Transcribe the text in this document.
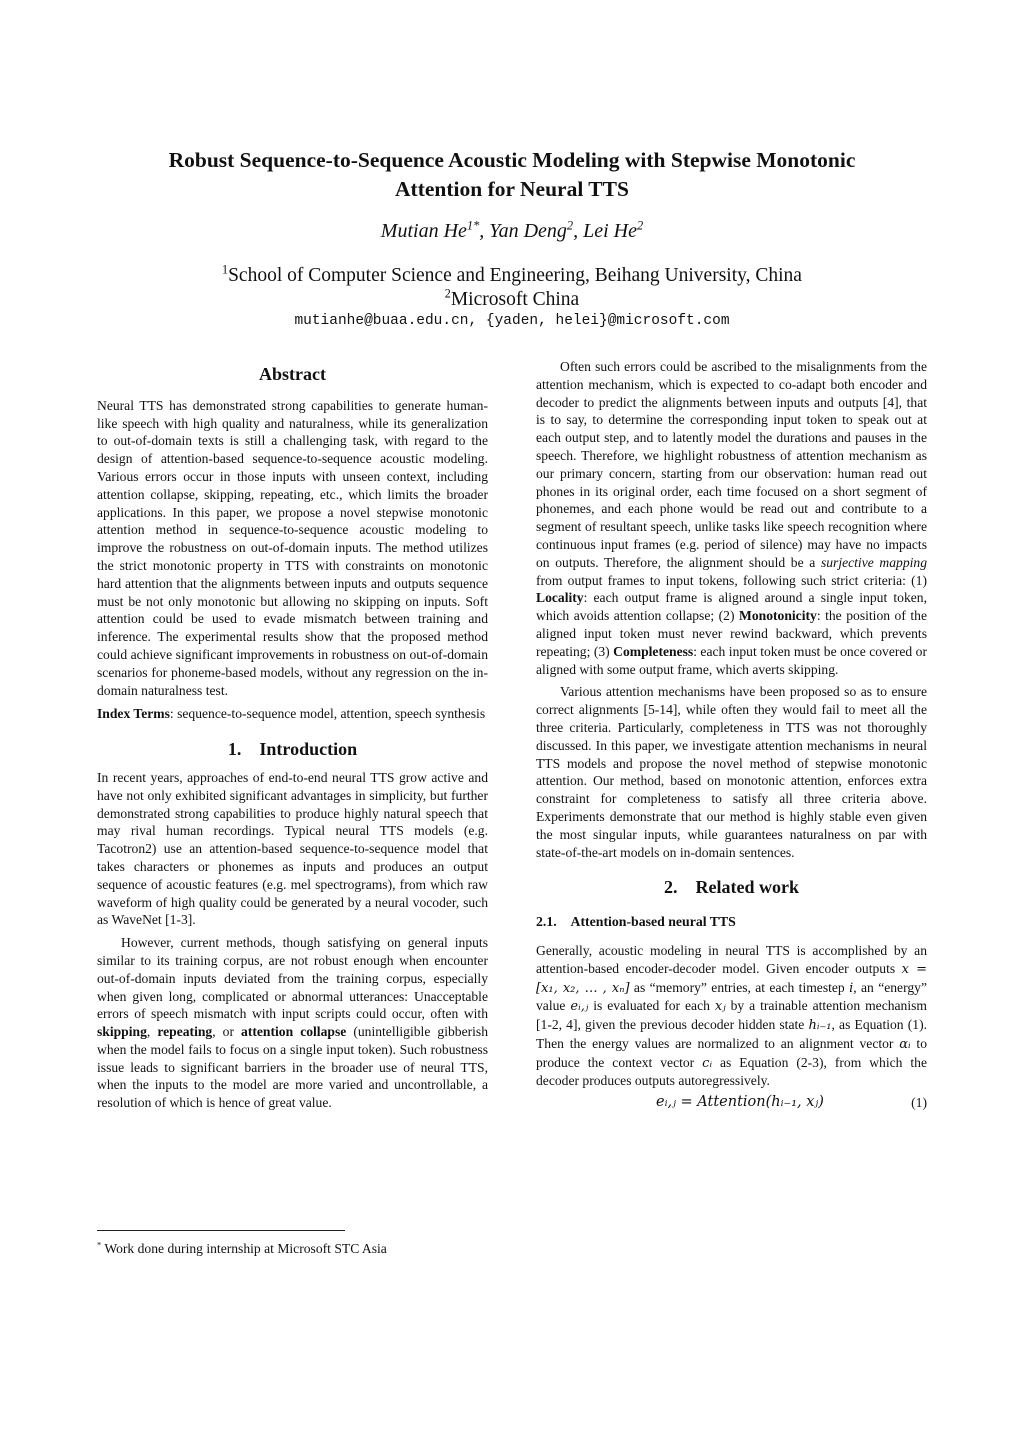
Robust Sequence-to-Sequence Acoustic Modeling with Stepwise Monotonic
Attention for Neural TTS
Mutian $He^{1*}$, Yan Deng$^2$, Lei He$^2$
$^1$School of Computer Science and Engineering, Beihang University, China
$^2$Microsoft China
mutianhe@buaa.edu.cn, {yaden, helei}@microsoft.com
Abstract

Neural TTS has demonstrated strong capabilities to generate human-like speech with high quality and naturalness, while its generalization to out-of-domain texts is still a challenging task, with regard to the design of attention-based sequence-to-sequence acoustic modeling. Various errors occur in those inputs with unseen context, including attention collapse, skipping, repeating, etc., which limits the broader applications. In this paper, we propose a novel stepwise monotonic attention method in sequence-to-sequence acoustic modeling to improve the robustness on out-of-domain inputs. The method utilizes the strict monotonic property in TTS with constraints on monotonic hard attention that the alignments between inputs and outputs sequence must be not only monotonic but allowing no skipping on inputs. Soft attention could be used to evade mismatch between training and inference. The experimental results show that the proposed method could achieve significant improvements in robustness on out-of-domain scenarios for phoneme-based models, without any regression on the in-domain naturalness test.

Index Terms: sequence-to-sequence model, attention, speech synthesis

1. Introduction

In recent years, approaches of end-to-end neural TTS grow active and have not only exhibited significant advantages in simplicity, but further demonstrated strong capabilities to produce highly natural speech that may rival human recordings. Typical neural TTS models (e.g. Tacotron2) use an attention-based sequence-to-sequence model that takes characters or phonemes as inputs and produces an output sequence of acoustic features (e.g. mel spectrograms), from which raw waveform of high quality could be generated by a neural vocoder, such as WaveNet [1-3].

However, current methods, though satisfying on general inputs similar to its training corpus, are not robust enough when encounter out-of-domain inputs deviated from the training corpus, especially when given long, complicated or abnormal utterances: Unacceptable errors of speech mismatch with input scripts could occur, often with skipping, repeating, or attention collapse (unintelligible gibberish when the model fails to focus on a single input token). Such robustness issue leads to significant barriers in the broader use of neural TTS, when the inputs to the model are more varied and uncontrollable, a resolution of which is hence of great value.

Often such errors could be ascribed to the misalignments from the attention mechanism, which is expected to co-adapt both encoder and decoder to predict the alignments between inputs and outputs [4], that is to say, to determine the corresponding input token to speak out at each output step, and to latently model the durations and pauses in the speech. Therefore, we highlight robustness of attention mechanism as our primary concern, starting from our observation: human read out phones in its original order, each time focused on a short segment of phonemes, and each phone would be read out and contribute to a segment of resultant speech, unlike tasks like speech recognition where continuous input frames (e.g. period of silence) may have no impacts on outputs. Therefore, the alignment should be a surjective mapping from output frames to input tokens, following such strict criteria: (1) Locality: each output frame is aligned around a single input token, which avoids attention collapse; (2) Monotonicity: the position of the aligned input token must never rewind backward, which prevents repeating; (3) Completeness: each input token must be once covered or aligned with some output frame, which averts skipping.

Various attention mechanisms have been proposed so as to ensure correct alignments [5-14], while often they would fail to meet all the three criteria. Particularly, completeness in TTS was not thoroughly discussed. In this paper, we investigate attention mechanisms in neural TTS models and propose the novel method of stepwise monotonic attention. Our method, based on monotonic attention, enforces extra constraint for completeness to satisfy all three criteria above. Experiments demonstrate that our method is highly stable even given the most singular inputs, while guarantees naturalness on par with state-of-the-art models on in-domain sentences.

2. Related work
2.1. Attention-based neural TTS

Generally, acoustic modeling in neural TTS is accomplished by an attention-based encoder-decoder model. Given encoder outputs x = [x₁, x₂, … , xₙ] as “memory” entries, at each timestep i, an “energy” value eᵢ,ⱼ is evaluated for each xⱼ by a trainable attention mechanism [1-2, 4], given the previous decoder hidden state hᵢ₋₁, as Equation (1). Then the energy values are normalized to an alignment vector αᵢ to produce the context vector cᵢ as Equation (2-3), from which the decoder produces outputs autoregressively.

eᵢ,ⱼ = Attention(hᵢ₋₁, xⱼ)	(1)
* Work done during internship at Microsoft STC Asia
